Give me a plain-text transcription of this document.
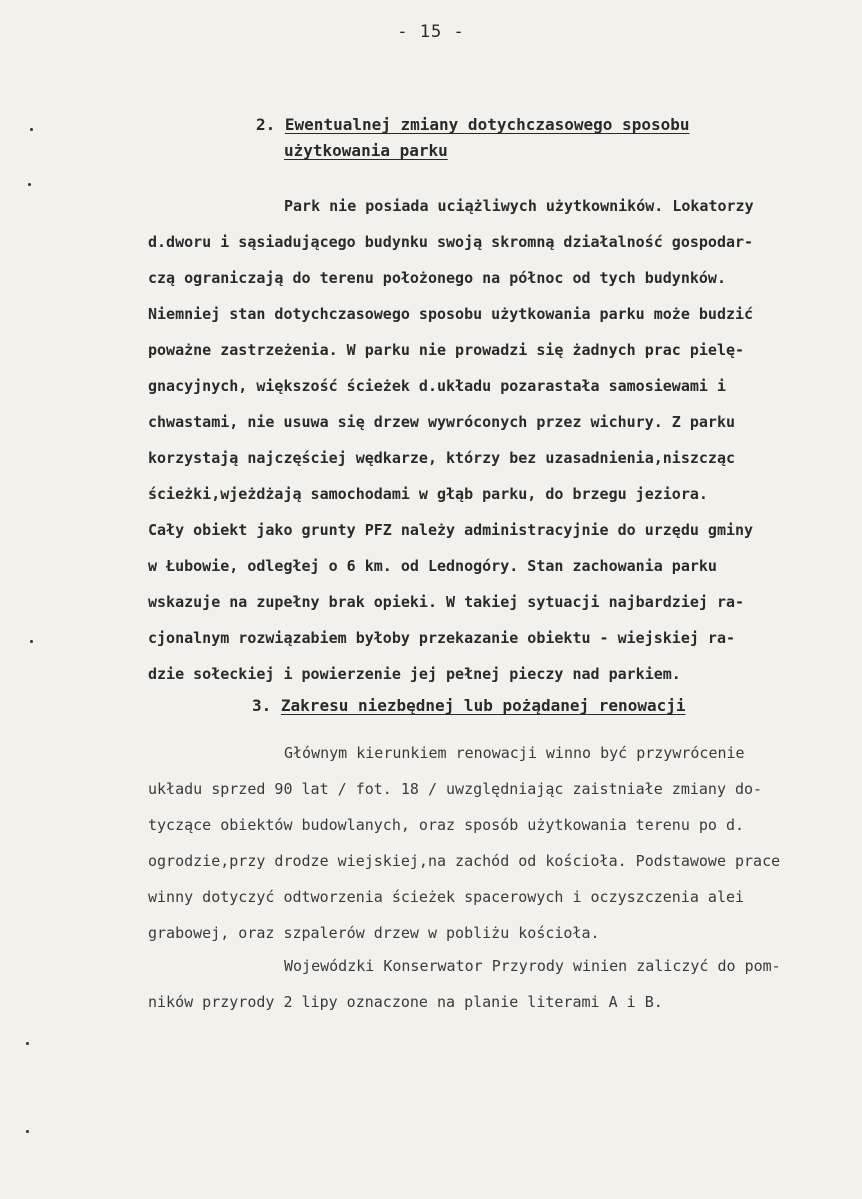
- 15 -
2. Ewentualnej zmiany dotychczasowego sposobu
użytkowania parku
Park nie posiada uciążliwych użytkowników. Lokatorzy
d.dworu i sąsiadującego budynku swoją skromną działalność gospodar-
czą ograniczają do terenu położonego na północ od tych budynków.
Niemniej stan dotychczasowego sposobu użytkowania parku może budzić
poważne zastrzeżenia. W parku nie prowadzi się żadnych prac pielę-
gnacyjnych, większość ścieżek d.układu pozarastała samosiewami i
chwastami, nie usuwa się drzew wywróconych przez wichury. Z parku
korzystają najczęściej wędkarze, którzy bez uzasadnienia,niszcząc
ścieżki,wjeżdżają samochodami w głąb parku, do brzegu jeziora.
Cały obiekt jako grunty PFZ należy administracyjnie do urzędu gminy
w Łubowie, odległej o 6 km. od Lednogóry. Stan zachowania parku
wskazuje na zupełny brak opieki. W takiej sytuacji najbardziej ra-
cjonalnym rozwiązabiem byłoby przekazanie obiektu - wiejskiej ra-
dzie sołeckiej i powierzenie jej pełnej pieczy nad parkiem.
3. Zakresu niezbędnej lub pożądanej renowacji
Głównym kierunkiem renowacji winno być przywrócenie
układu sprzed 90 lat / fot. 18 / uwzględniając zaistniałe zmiany do-
tyczące obiektów budowlanych, oraz sposób użytkowania terenu po d.
ogrodzie,przy drodze wiejskiej,na zachód od kościoła. Podstawowe prace
winny dotyczyć odtworzenia ścieżek spacerowych i oczyszczenia alei
grabowej, oraz szpalerów drzew w pobliżu kościoła.
Wojewódzki Konserwator Przyrody winien zaliczyć do pom-
ników przyrody 2 lipy oznaczone na planie literami A i B.
